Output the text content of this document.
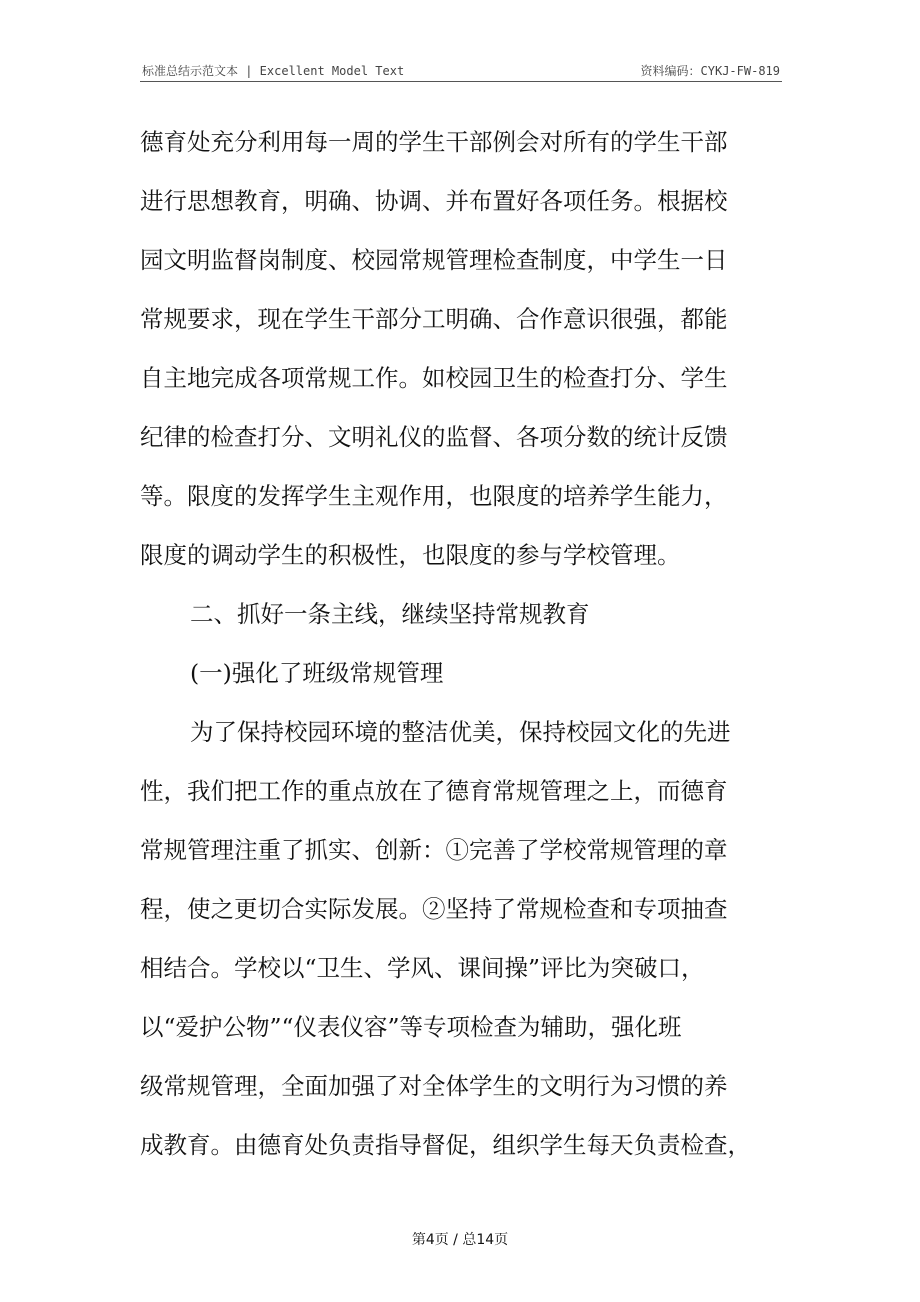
标准总结示范文本 | Excellent Model Text	资料编码：CYKJ-FW-819
德育处充分利用每一周的学生干部例会对所有的学生干部
进行思想教育，明确、协调、并布置好各项任务。根据校
园文明监督岗制度、校园常规管理检查制度，中学生一日
常规要求，现在学生干部分工明确、合作意识很强，都能
自主地完成各项常规工作。如校园卫生的检查打分、学生
纪律的检查打分、文明礼仪的监督、各项分数的统计反馈
等。限度的发挥学生主观作用，也限度的培养学生能力，
限度的调动学生的积极性，也限度的参与学校管理。
二、抓好一条主线，继续坚持常规教育
(一)强化了班级常规管理
为了保持校园环境的整洁优美，保持校园文化的先进
性，我们把工作的重点放在了德育常规管理之上，而德育
常规管理注重了抓实、创新：①完善了学校常规管理的章
程，使之更切合实际发展。②坚持了常规检查和专项抽查
相结合。学校以“卫生、学风、课间操”评比为突破口，
以“爱护公物”“仪表仪容”等专项检查为辅助，强化班
级常规管理，全面加强了对全体学生的文明行为习惯的养
成教育。由德育处负责指导督促，组织学生每天负责检查，
第4页 / 总14页
